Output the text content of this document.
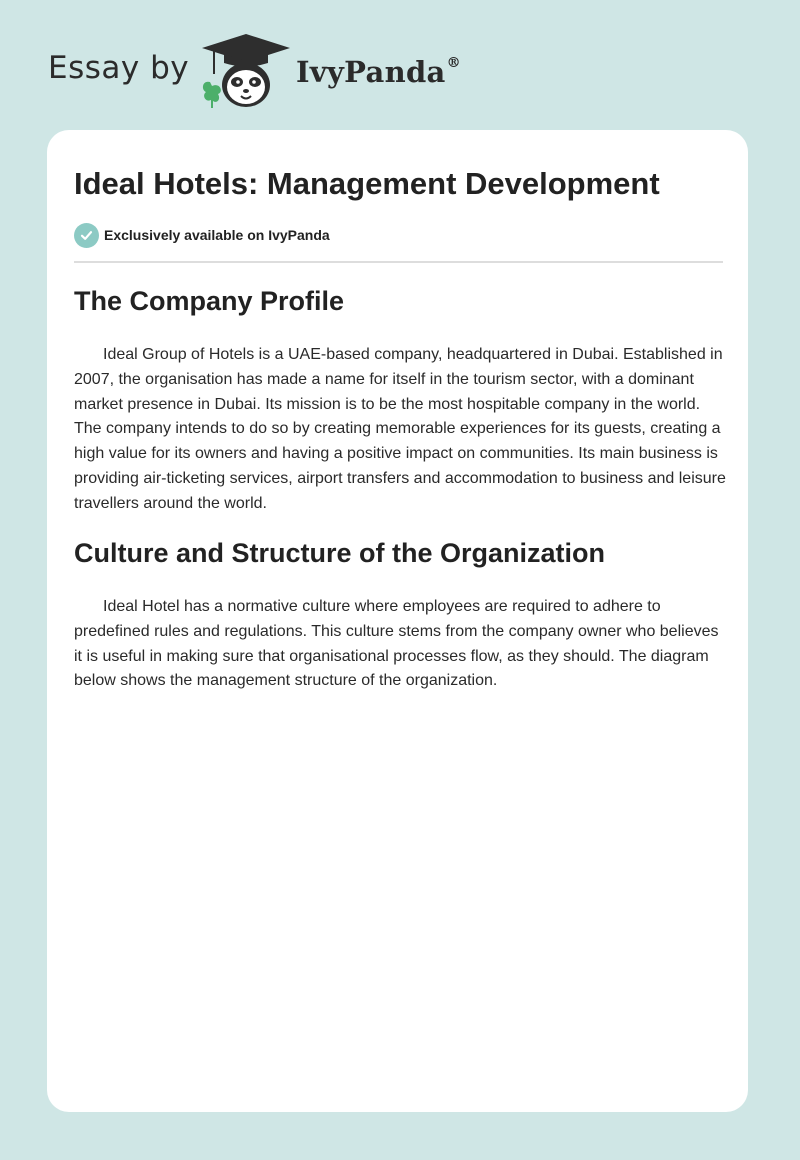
Essay by	IvyPanda®
Ideal Hotels: Management Development
Exclusively available on IvyPanda
The Company Profile

Ideal Group of Hotels is a UAE-based company, headquartered in Dubai. Established in 2007, the organisation has made a name for itself in the tourism sector, with a dominant market presence in Dubai. Its mission is to be the most hospitable company in the world. The company intends to do so by creating memorable experiences for its guests, creating a high value for its owners and having a positive impact on communities. Its main business is providing air-ticketing services, airport transfers and accommodation to business and leisure travellers around the world.

Culture and Structure of the Organization

Ideal Hotel has a normative culture where employees are required to adhere to predefined rules and regulations. This culture stems from the company owner who believes it is useful in making sure that organisational processes flow, as they should. The diagram below shows the management structure of the organization.
